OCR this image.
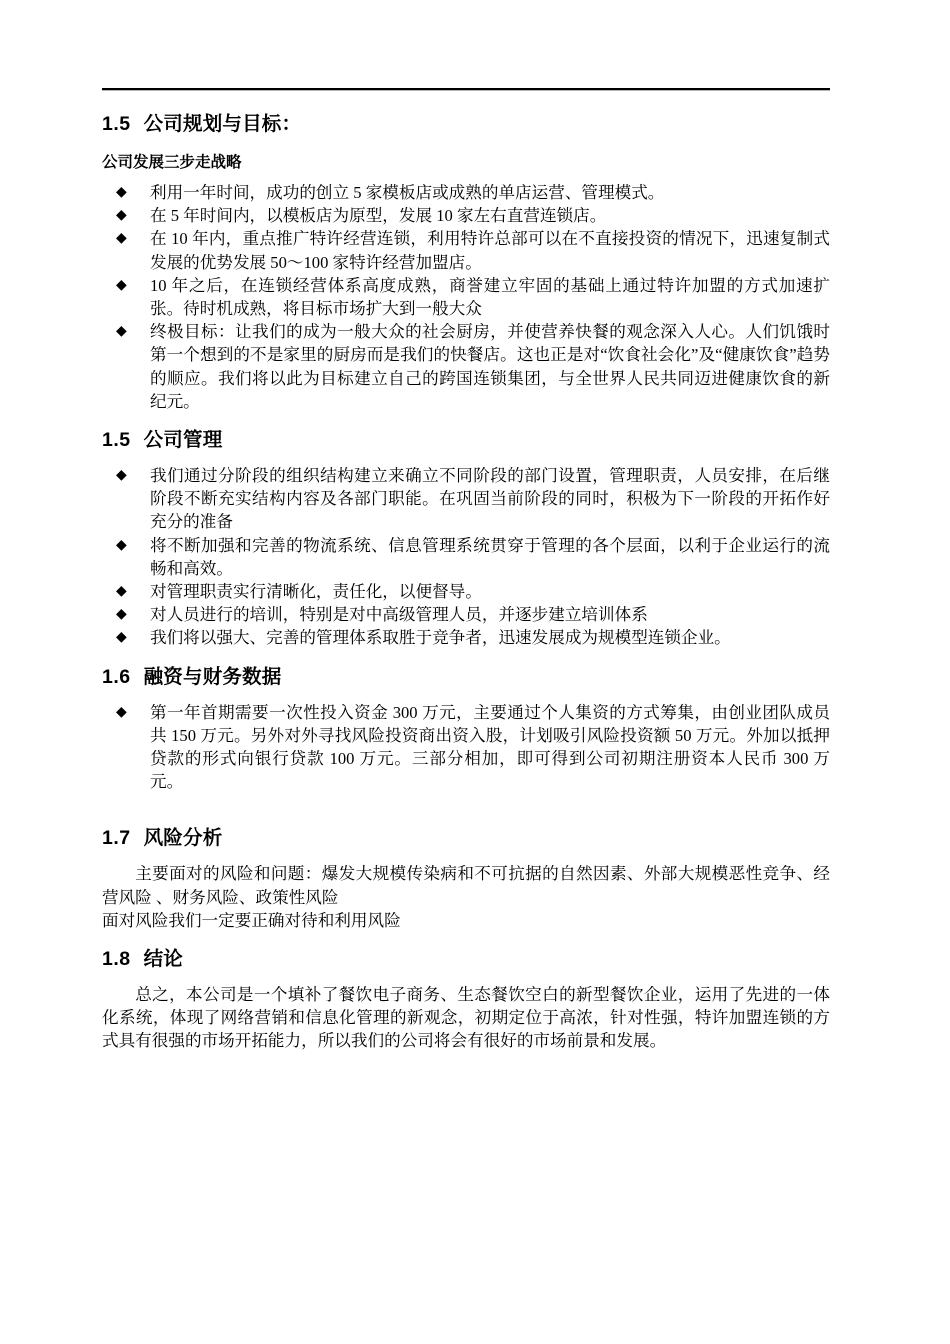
1.5 公司规划与目标：
公司发展三步走战略
◆ 利用一年时间，成功的创立 5 家模板店或成熟的单店运营、管理模式。
◆ 在 5 年时间内，以模板店为原型，发展 10 家左右直营连锁店。
◆ 在 10 年内，重点推广特许经营连锁，利用特许总部可以在不直接投资的情况下，迅速复制式发展的优势发展 50～100 家特许经营加盟店。
◆ 10 年之后，在连锁经营体系高度成熟，商誉建立牢固的基础上通过特许加盟的方式加速扩张。待时机成熟，将目标市场扩大到一般大众
◆ 终极目标：让我们的成为一般大众的社会厨房，并使营养快餐的观念深入人心。人们饥饿时第一个想到的不是家里的厨房而是我们的快餐店。这也正是对“饮食社会化”及“健康饮食”趋势的顺应。我们将以此为目标建立自己的跨国连锁集团，与全世界人民共同迈进健康饮食的新纪元。
1.5 公司管理
◆ 我们通过分阶段的组织结构建立来确立不同阶段的部门设置，管理职责，人员安排，在后继阶段不断充实结构内容及各部门职能。在巩固当前阶段的同时，积极为下一阶段的开拓作好充分的准备
◆ 将不断加强和完善的物流系统、信息管理系统贯穿于管理的各个层面，以利于企业运行的流畅和高效。
◆ 对管理职责实行清晰化，责任化，以便督导。
◆ 对人员进行的培训，特别是对中高级管理人员，并逐步建立培训体系
◆ 我们将以强大、完善的管理体系取胜于竞争者，迅速发展成为规模型连锁企业。
1.6 融资与财务数据
◆ 第一年首期需要一次性投入资金 300 万元，主要通过个人集资的方式筹集，由创业团队成员共 150 万元。另外对外寻找风险投资商出资入股，计划吸引风险投资额 50 万元。外加以抵押贷款的形式向银行贷款 100 万元。三部分相加，即可得到公司初期注册资本人民币 300 万元。
1.7 风险分析

主要面对的风险和问题：爆发大规模传染病和不可抗据的自然因素、外部大规模恶性竞争、经营风险 、财务风险、政策性风险

面对风险我们一定要正确对待和利用风险

1.8 结论

总之，本公司是一个填补了餐饮电子商务、生态餐饮空白的新型餐饮企业，运用了先进的一体化系统，体现了网络营销和信息化管理的新观念，初期定位于高浓，针对性强，特许加盟连锁的方式具有很强的市场开拓能力，所以我们的公司将会有很好的市场前景和发展。
